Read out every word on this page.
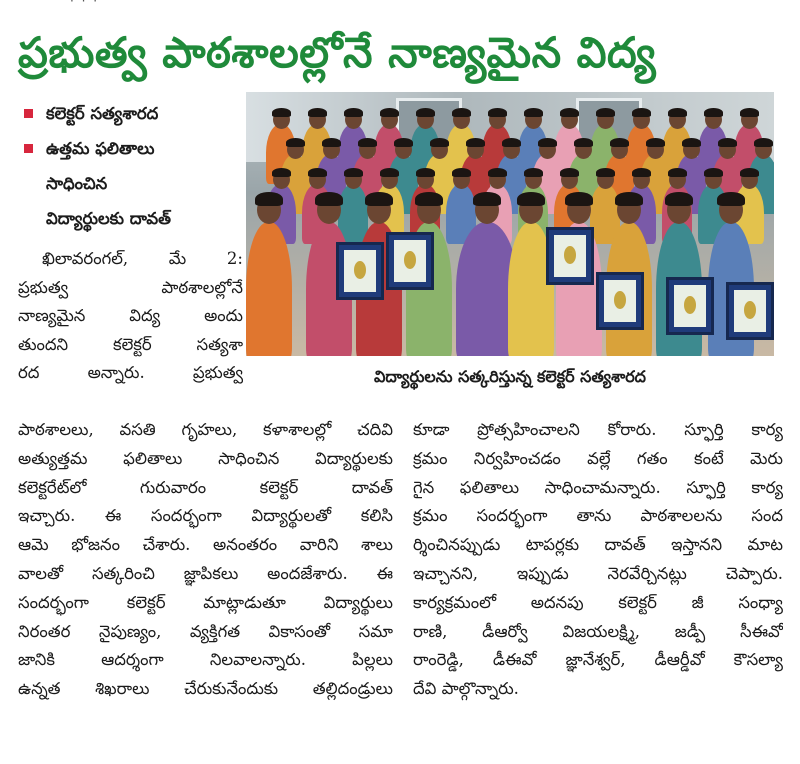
· · ·
ప్రభుత్వ పాఠశాలల్లోనే నాణ్యమైన విద్య
కలెక్టర్ సత్యశారద
ఉత్తమ ఫలితాలు
సాధించిన
విద్యార్థులకు దావత్
ఖిలావరంగల్, మే 2:
ప్రభుత్వ పాఠశాలల్లోనే
నాణ్యమైన విద్య అందు
తుందని కలెక్టర్ సత్యశా
రద అన్నారు. ప్రభుత్వ	విద్యార్థులను సత్కరిస్తున్న కలెక్టర్ సత్యశారద
పాఠశాలలు, వసతి గృహలు, కళాశాలల్లో చదివి
అత్యుత్తమ ఫలితాలు సాధించిన విద్యార్థులకు
కలెక్టరేట్‌లో గురువారం కలెక్టర్ దావత్
ఇచ్చారు. ఈ సందర్భంగా విద్యార్థులతో కలిసి
ఆమె భోజనం చేశారు. అనంతరం వారిని శాలు
వాలతో సత్కరించి జ్ఞాపికలు అందజేశారు. ఈ
సందర్భంగా కలెక్టర్ మాట్లాడుతూ విద్యార్థులు
నిరంతర నైపుణ్యం, వ్యక్తిగత వికాసంతో సమా
జానికి ఆదర్శంగా నిలవాలన్నారు. పిల్లలు
ఉన్నత శిఖరాలు చేరుకునేందుకు తల్లిదండ్రులు
కూడా ప్రోత్సహించాలని కోరారు. స్ఫూర్తి కార్య
క్రమం నిర్వహించడం వల్లే గతం కంటే మెరు
గైన ఫలితాలు సాధించామన్నారు. స్ఫూర్తి కార్య
క్రమం సందర్భంగా తాను పాఠశాలలను సంద
ర్శించినప్పుడు టాపర్లకు దావత్ ఇస్తానని మాట
ఇచ్చానని, ఇప్పుడు నెరవేర్చినట్లు చెప్పారు.
కార్యక్రమంలో అదనపు కలెక్టర్ జీ సంధ్యా
రాణి, డీఆర్వో విజయలక్ష్మి, జడ్పీ సీఈవో
రాంరెడ్డి, డీఈవో జ్ఞానేశ్వర్, డీఆర్డీవో కౌసల్యా
దేవి పాల్గొన్నారు.
